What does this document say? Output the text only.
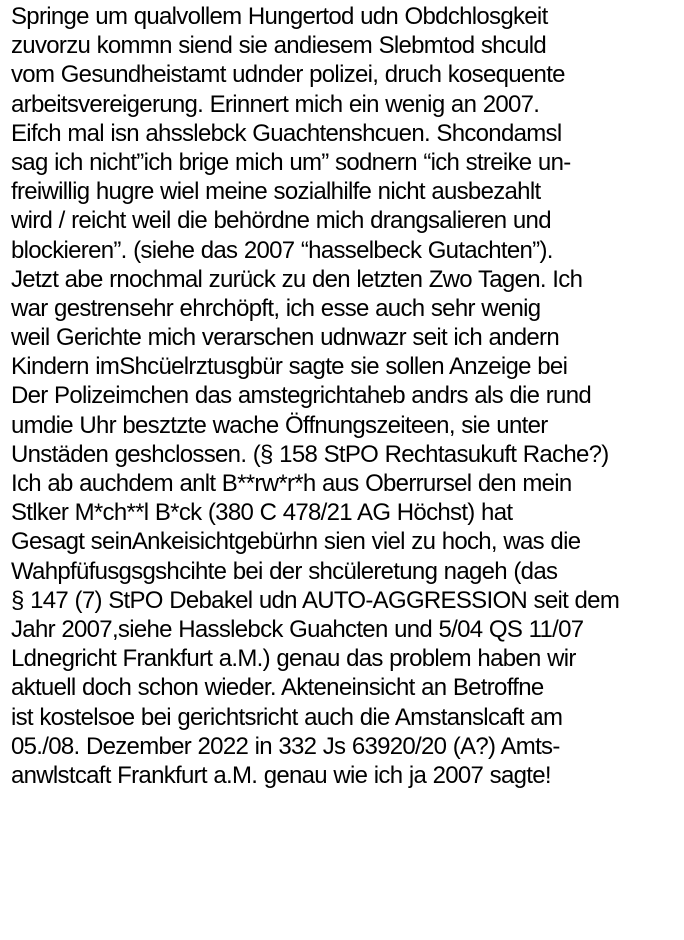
Springe um qualvollem Hungertod udn Obdchlosgkeit
zuvorzu kommn siend sie andiesem Slebmtod shculd
vom Gesundheistamt udnder polizei, druch kosequente
arbeitsvereigerung. Erinnert mich ein wenig an 2007.
Eifch mal isn ahsslebck Guachtenshcuen. Shcondamsl
sag ich nicht”ich brige mich um” sodnern “ich streike un-
freiwillig hugre wiel meine sozialhilfe nicht ausbezahlt
wird / reicht weil die behördne mich drangsalieren und
blockieren”. (siehe das 2007 “hasselbeck Gutachten”).
Jetzt abe rnochmal zurück zu den letzten Zwo Tagen. Ich
war gestrensehr ehrchöpft, ich esse auch sehr wenig
weil Gerichte mich verarschen udnwazr seit ich andern
Kindern imShcüelrztusgbür sagte sie sollen Anzeige bei
Der Polizeimchen das amstegrichtaheb andrs als die rund
umdie Uhr besztzte wache Öffnungszeiteen, sie unter
Unstäden geshclossen. (§ 158 StPO Rechtasukuft Rache?)
Ich ab auchdem anlt B**rw*r*h aus Oberrursel den mein
Stlker M*ch**l B*ck (380 C 478/21 AG Höchst) hat
Gesagt seinAnkeisichtgebürhn sien viel zu hoch, was die
Wahpfüfusgsgshcihte bei der shcüleretung nageh (das
§ 147 (7) StPO Debakel udn AUTO-AGGRESSION seit dem
Jahr 2007,siehe Hasslebck Guahcten und 5/04 QS 11/07
Ldnegricht Frankfurt a.M.) genau das problem haben wir
aktuell doch schon wieder. Akteneinsicht an Betroffne
ist kostelsoe bei gerichtsricht auch die Amstanslcaft am
05./08. Dezember 2022 in 332 Js 63920/20 (A?) Amts-
anwlstcaft Frankfurt a.M. genau wie ich ja 2007 sagte!
